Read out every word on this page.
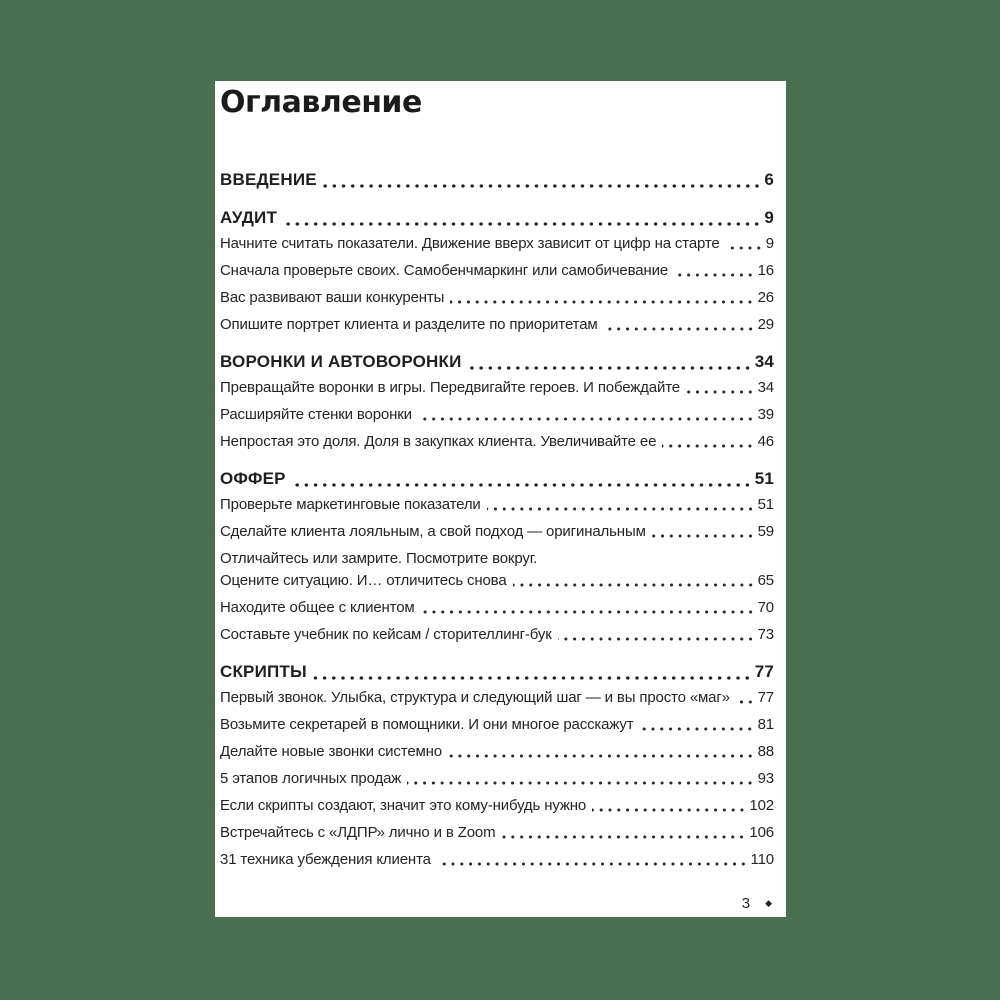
Оглавление
ВВЕДЕНИЕ	6
АУДИТ	9
Начните считать показатели. Движение вверх зависит от цифр на старте	9
Сначала проверьте своих. Самобенчмаркинг или самобичевание	16
Вас развивают ваши конкуренты	26
Опишите портрет клиента и разделите по приоритетам	29
ВОРОНКИ И АВТОВОРОНКИ	34
Превращайте воронки в игры. Передвигайте героев. И побеждайте	34
Расширяйте стенки воронки	39
Непростая это доля. Доля в закупках клиента. Увеличивайте ее	46
ОФФЕР	51
Проверьте маркетинговые показатели	51
Сделайте клиента лояльным, а свой подход — оригинальным	59
Отличайтесь или замрите. Посмотрите вокруг.
Оцените ситуацию. И… отличитесь снова	65
Находите общее с клиентом	70
Составьте учебник по кейсам / сторителлинг-бук	73
СКРИПТЫ	77
Первый звонок. Улыбка, структура и следующий шаг — и вы просто «маг» 77
Возьмите секретарей в помощники. И они многое расскажут	81
Делайте новые звонки системно	88
5 этапов логичных продаж	93
Если скрипты создают, значит это кому-нибудь нужно	102
Встречайтесь с «ЛДПР» лично и в Zoom	106
31 техника убеждения клиента	110
3
◆
